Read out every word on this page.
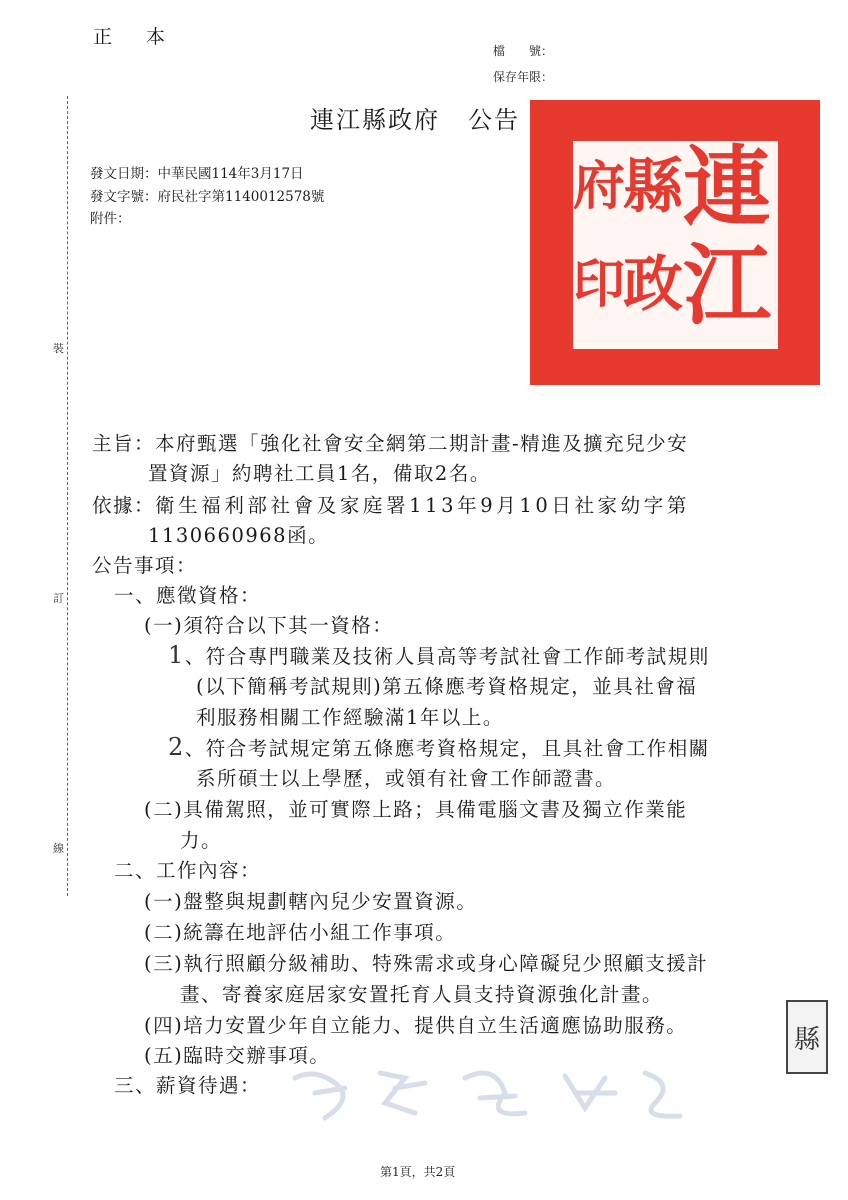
正 本
檔　　號：
保存年限：
連江縣政府 公告
發文日期：中華民國114年3月17日
發文字號：府民社字第1140012578號
附件：
裝
訂
線
連
江
縣
政
府
印
主旨：本府甄選「強化社會安全網第二期計畫-精進及擴充兒少安
置資源」約聘社工員1名，備取2名。
依據：衛生福利部社會及家庭署113年9月10日社家幼字第
1130660968函。
公告事項：
一、應徵資格：
(一)須符合以下其一資格：
1、符合專門職業及技術人員高等考試社會工作師考試規則
(以下簡稱考試規則)第五條應考資格規定，並具社會福
利服務相關工作經驗滿1年以上。
2、符合考試規定第五條應考資格規定，且具社會工作相關
系所碩士以上學歷，或領有社會工作師證書。
(二)具備駕照，並可實際上路；具備電腦文書及獨立作業能
力。
二、工作內容：
(一)盤整與規劃轄內兒少安置資源。
(二)統籌在地評估小組工作事項。
(三)執行照顧分級補助、特殊需求或身心障礙兒少照顧支援計
畫、寄養家庭居家安置托育人員支持資源強化計畫。
(四)培力安置少年自立能力、提供自立生活適應協助服務。
(五)臨時交辦事項。
三、薪資待遇：
縣
第1頁，共2頁
